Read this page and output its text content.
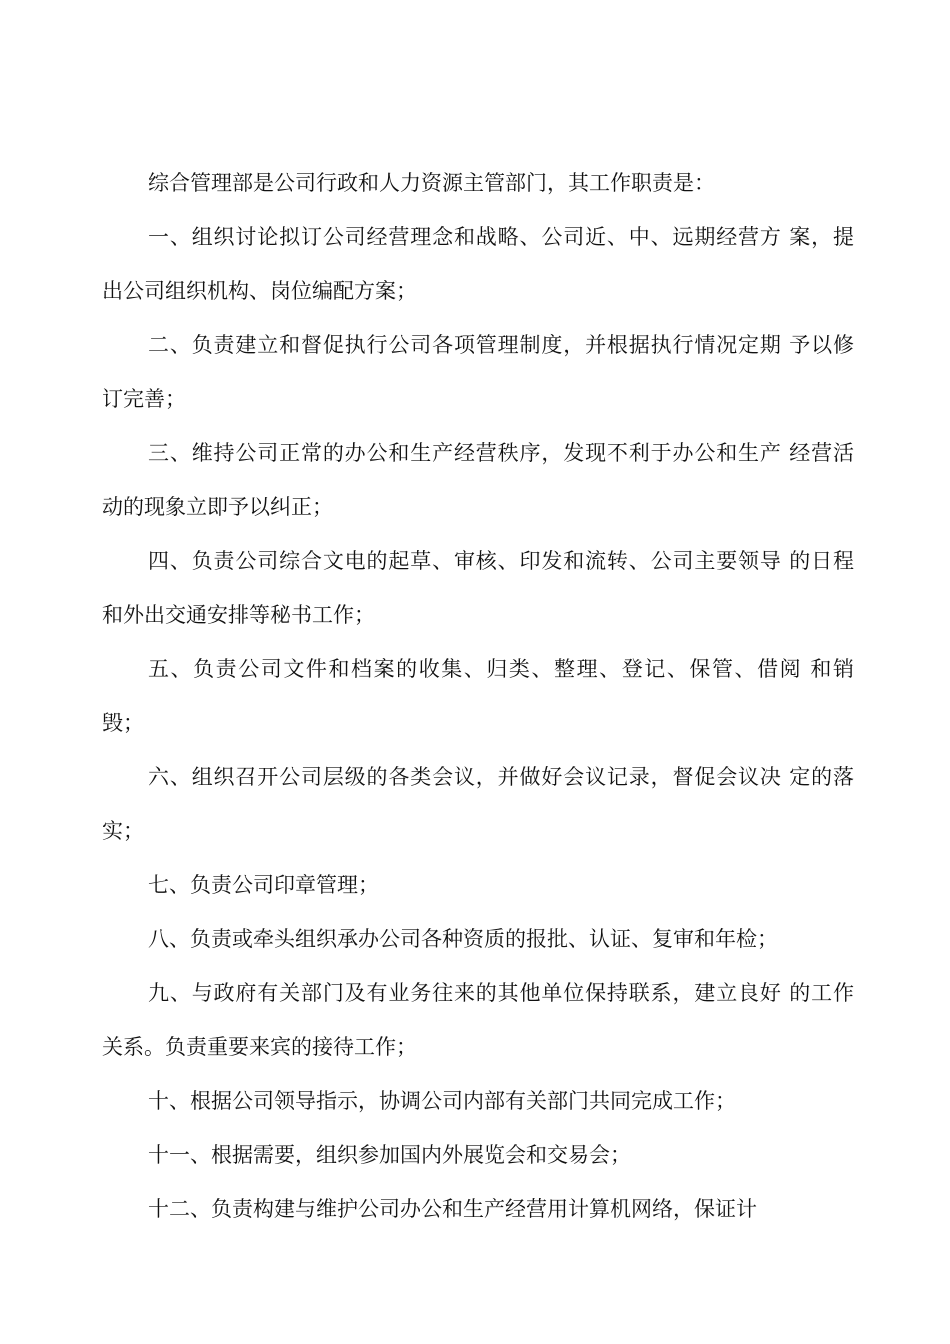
综合管理部是公司行政和人力资源主管部门，其工作职责是：

一、组织讨论拟订公司经营理念和战略、公司近、中、远期经营方 案，提
出公司组织机构、岗位编配方案；

二、负责建立和督促执行公司各项管理制度，并根据执行情况定期 予以修
订完善；

三、维持公司正常的办公和生产经营秩序，发现不利于办公和生产 经营活
动的现象立即予以纠正；

四、负责公司综合文电的起草、审核、印发和流转、公司主要领导 的日程
和外出交通安排等秘书工作；

五、负责公司文件和档案的收集、归类、整理、登记、保管、借阅 和销
毁；

六、组织召开公司层级的各类会议，并做好会议记录，督促会议决 定的落
实；

七、负责公司印章管理；

八、负责或牵头组织承办公司各种资质的报批、认证、复审和年检；

九、与政府有关部门及有业务往来的其他单位保持联系，建立良好 的工作
关系。负责重要来宾的接待工作；

十、根据公司领导指示，协调公司内部有关部门共同完成工作；

十一、根据需要，组织参加国内外展览会和交易会；

十二、负责构建与维护公司办公和生产经营用计算机网络，保证计
